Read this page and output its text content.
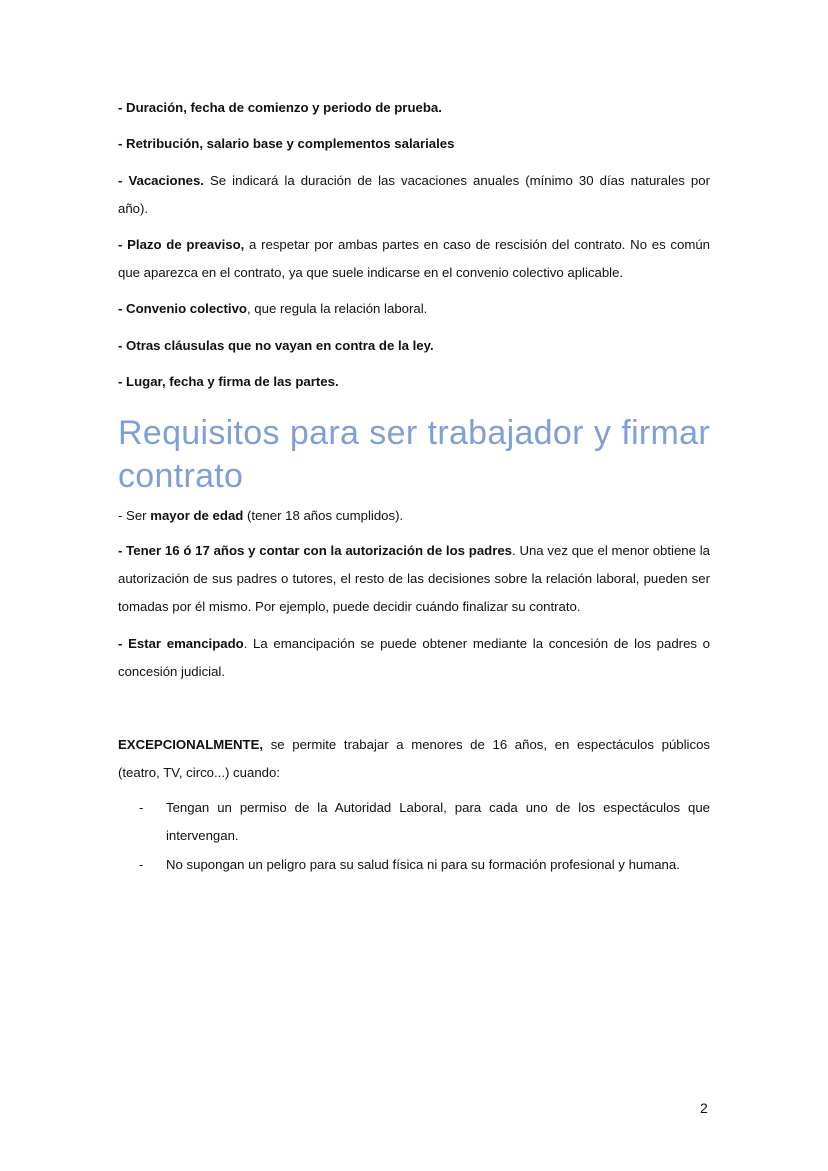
- Duración, fecha de comienzo y periodo de prueba.

- Retribución, salario base y complementos salariales

- Vacaciones. Se indicará la duración de las vacaciones anuales (mínimo 30 días naturales por año).

- Plazo de preaviso, a respetar por ambas partes en caso de rescisión del contrato. No es común que aparezca en el contrato, ya que suele indicarse en el convenio colectivo aplicable.

- Convenio colectivo, que regula la relación laboral.

- Otras cláusulas que no vayan en contra de la ley.

- Lugar, fecha y firma de las partes.

Requisitos para ser trabajador y firmar
contrato

- Ser mayor de edad (tener 18 años cumplidos).

- Tener 16 ó 17 años y contar con la autorización de los padres. Una vez que el menor obtiene la autorización de sus padres o tutores, el resto de las decisiones sobre la relación laboral, pueden ser tomadas por él mismo. Por ejemplo, puede decidir cuándo finalizar su contrato.

- Estar emancipado. La emancipación se puede obtener mediante la concesión de los padres o concesión judicial.

EXCEPCIONALMENTE, se permite trabajar a menores de 16 años, en espectáculos públicos (teatro, TV, circo...) cuando:

- Tengan un permiso de la Autoridad Laboral, para cada uno de los espectáculos que intervengan.
- No supongan un peligro para su salud física ni para su formación profesional y humana.
2
